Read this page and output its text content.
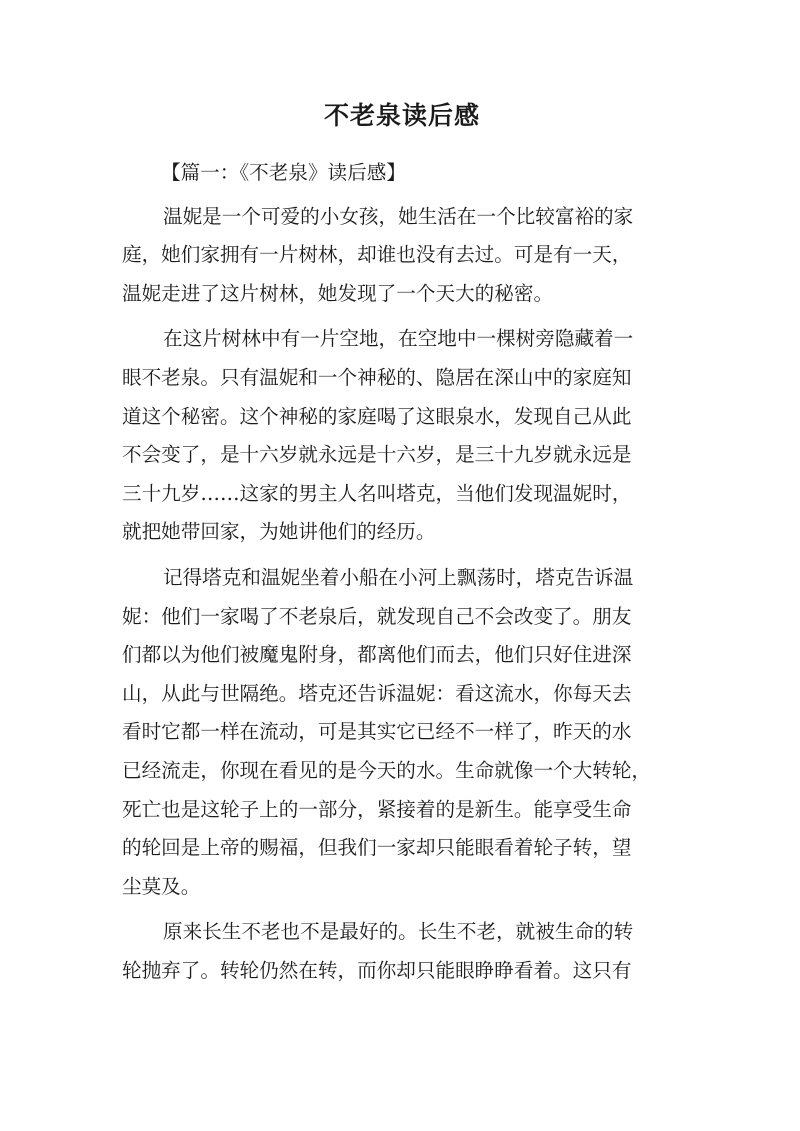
不老泉读后感

【篇一：《不老泉》读后感】

温妮是一个可爱的小女孩，她生活在一个比较富裕的家
庭，她们家拥有一片树林，却谁也没有去过。可是有一天，
温妮走进了这片树林，她发现了一个天大的秘密。

在这片树林中有一片空地，在空地中一棵树旁隐藏着一
眼不老泉。只有温妮和一个神秘的、隐居在深山中的家庭知
道这个秘密。这个神秘的家庭喝了这眼泉水，发现自己从此
不会变了，是十六岁就永远是十六岁，是三十九岁就永远是
三十九岁……这家的男主人名叫塔克，当他们发现温妮时，
就把她带回家，为她讲他们的经历。

记得塔克和温妮坐着小船在小河上飘荡时，塔克告诉温
妮：他们一家喝了不老泉后，就发现自己不会改变了。朋友
们都以为他们被魔鬼附身，都离他们而去，他们只好住进深
山，从此与世隔绝。塔克还告诉温妮：看这流水，你每天去
看时它都一样在流动，可是其实它已经不一样了，昨天的水
已经流走，你现在看见的是今天的水。生命就像一个大转轮，
死亡也是这轮子上的一部分，紧接着的是新生。能享受生命
的轮回是上帝的赐福，但我们一家却只能眼看着轮子转，望
尘莫及。

原来长生不老也不是最好的。长生不老，就被生命的转
轮抛弃了。转轮仍然在转，而你却只能眼睁睁看着。这只有
